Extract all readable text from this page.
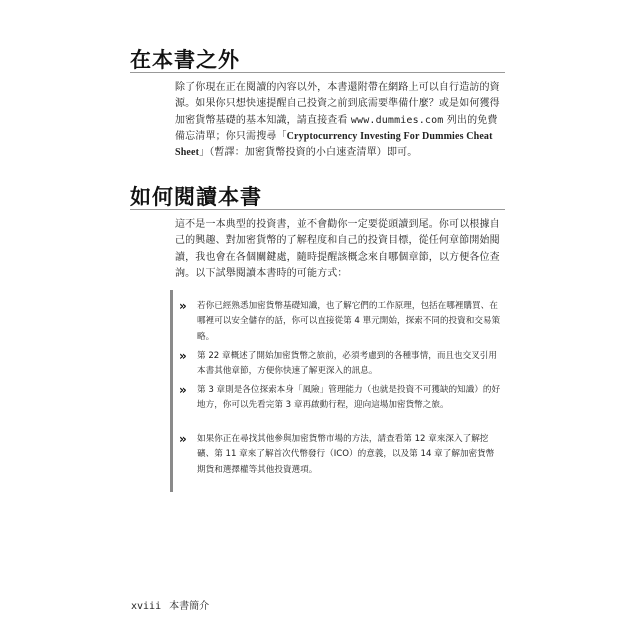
在本書之外

除了你現在正在閱讀的內容以外，本書還附帶在網路上可以自行造訪的資源。如果你只想快速提醒自己投資之前到底需要準備什麼？或是如何獲得加密貨幣基礎的基本知識，請直接查看 www.dummies.com 列出的免費備忘清單；你只需搜尋「Cryptocurrency Investing For Dummies Cheat Sheet」（暫譯：加密貨幣投資的小白速查清單）即可。

如何閱讀本書

這不是一本典型的投資書，並不會勸你一定要從頭讀到尾。你可以根據自己的興趣、對加密貨幣的了解程度和自己的投資目標，從任何章節開始閱讀，我也會在各個關鍵處，隨時提醒該概念來自哪個章節，以方便各位查詢。以下試舉閱讀本書時的可能方式：

» 若你已經熟悉加密貨幣基礎知識，也了解它們的工作原理，包括在哪裡購買、在哪裡可以安全儲存的話，你可以直接從第 4 單元開始，探索不同的投資和交易策略。
» 第 22 章概述了開始加密貨幣之旅前，必須考慮到的各種事情，而且也交叉引用本書其他章節，方便你快速了解更深入的訊息。
» 第 3 章則是各位探索本身「風險」管理能力（也就是投資不可獲缺的知識）的好地方，你可以先看完第 3 章再啟動行程，迎向這場加密貨幣之旅。
» 如果你正在尋找其他參與加密貨幣市場的方法，請查看第 12 章來深入了解挖礦、第 11 章來了解首次代幣發行（ICO）的意義，以及第 14 章了解加密貨幣期貨和選擇權等其他投資選項。
xviii 本書簡介
